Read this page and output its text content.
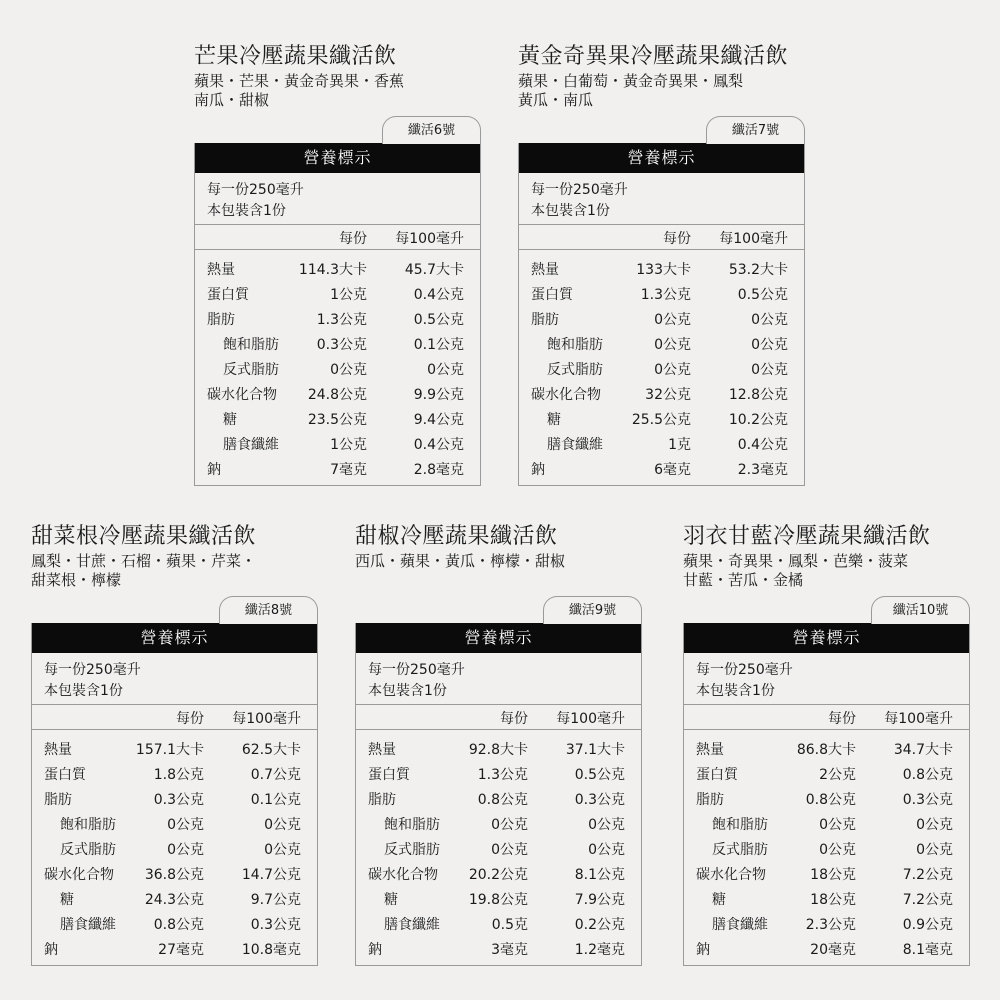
芒果冷壓蔬果纖活飲
蘋果・芒果・黃金奇異果・香蕉
南瓜・甜椒
纖活6號
營養標示
每一份250毫升
本包裝含1份
每份 每100毫升
熱量	114.3大卡	45.7大卡
蛋白質	1公克	0.4公克
脂肪	1.3公克	0.5公克
飽和脂肪	0.3公克	0.1公克
反式脂肪	0公克	0公克
碳水化合物 24.8公克	9.9公克
糖	23.5公克	9.4公克
膳食纖維	1公克	0.4公克
鈉	7毫克	2.8毫克
黃金奇異果冷壓蔬果纖活飲
蘋果・白葡萄・黃金奇異果・鳳梨
黃瓜・南瓜
纖活7號
營養標示
每一份250毫升
本包裝含1份
每份 每100毫升
熱量	133大卡	53.2大卡
蛋白質	1.3公克	0.5公克
脂肪	0公克	0公克
飽和脂肪	0公克	0公克
反式脂肪	0公克	0公克
碳水化合物	32公克	12.8公克
糖	25.5公克	10.2公克
膳食纖維	1克	0.4公克
鈉	6毫克	2.3毫克
甜菜根冷壓蔬果纖活飲
鳳梨・甘蔗・石榴・蘋果・芹菜・
甜菜根・檸檬
纖活8號
營養標示
每一份250毫升
本包裝含1份
每份 每100毫升
熱量	157.1大卡	62.5大卡
蛋白質	1.8公克	0.7公克
脂肪	0.3公克	0.1公克
飽和脂肪	0公克	0公克
反式脂肪	0公克	0公克
碳水化合物 36.8公克	14.7公克
糖	24.3公克	9.7公克
膳食纖維	0.8公克	0.3公克
鈉	27毫克	10.8毫克
甜椒冷壓蔬果纖活飲
西瓜・蘋果・黃瓜・檸檬・甜椒
纖活9號
營養標示
每一份250毫升
本包裝含1份
每份 每100毫升
熱量	92.8大卡	37.1大卡
蛋白質	1.3公克	0.5公克
脂肪	0.8公克	0.3公克
飽和脂肪	0公克	0公克
反式脂肪	0公克	0公克
碳水化合物 20.2公克	8.1公克
糖	19.8公克	7.9公克
膳食纖維	0.5克	0.2公克
鈉	3毫克	1.2毫克
羽衣甘藍冷壓蔬果纖活飲
蘋果・奇異果・鳳梨・芭樂・菠菜
甘藍・苦瓜・金橘
纖活10號
營養標示
每一份250毫升
本包裝含1份
每份 每100毫升
熱量	86.8大卡	34.7大卡
蛋白質	2公克	0.8公克
脂肪	0.8公克	0.3公克
飽和脂肪	0公克	0公克
反式脂肪	0公克	0公克
碳水化合物	18公克	7.2公克
糖	18公克	7.2公克
膳食纖維	2.3公克	0.9公克
鈉	20毫克	8.1毫克
